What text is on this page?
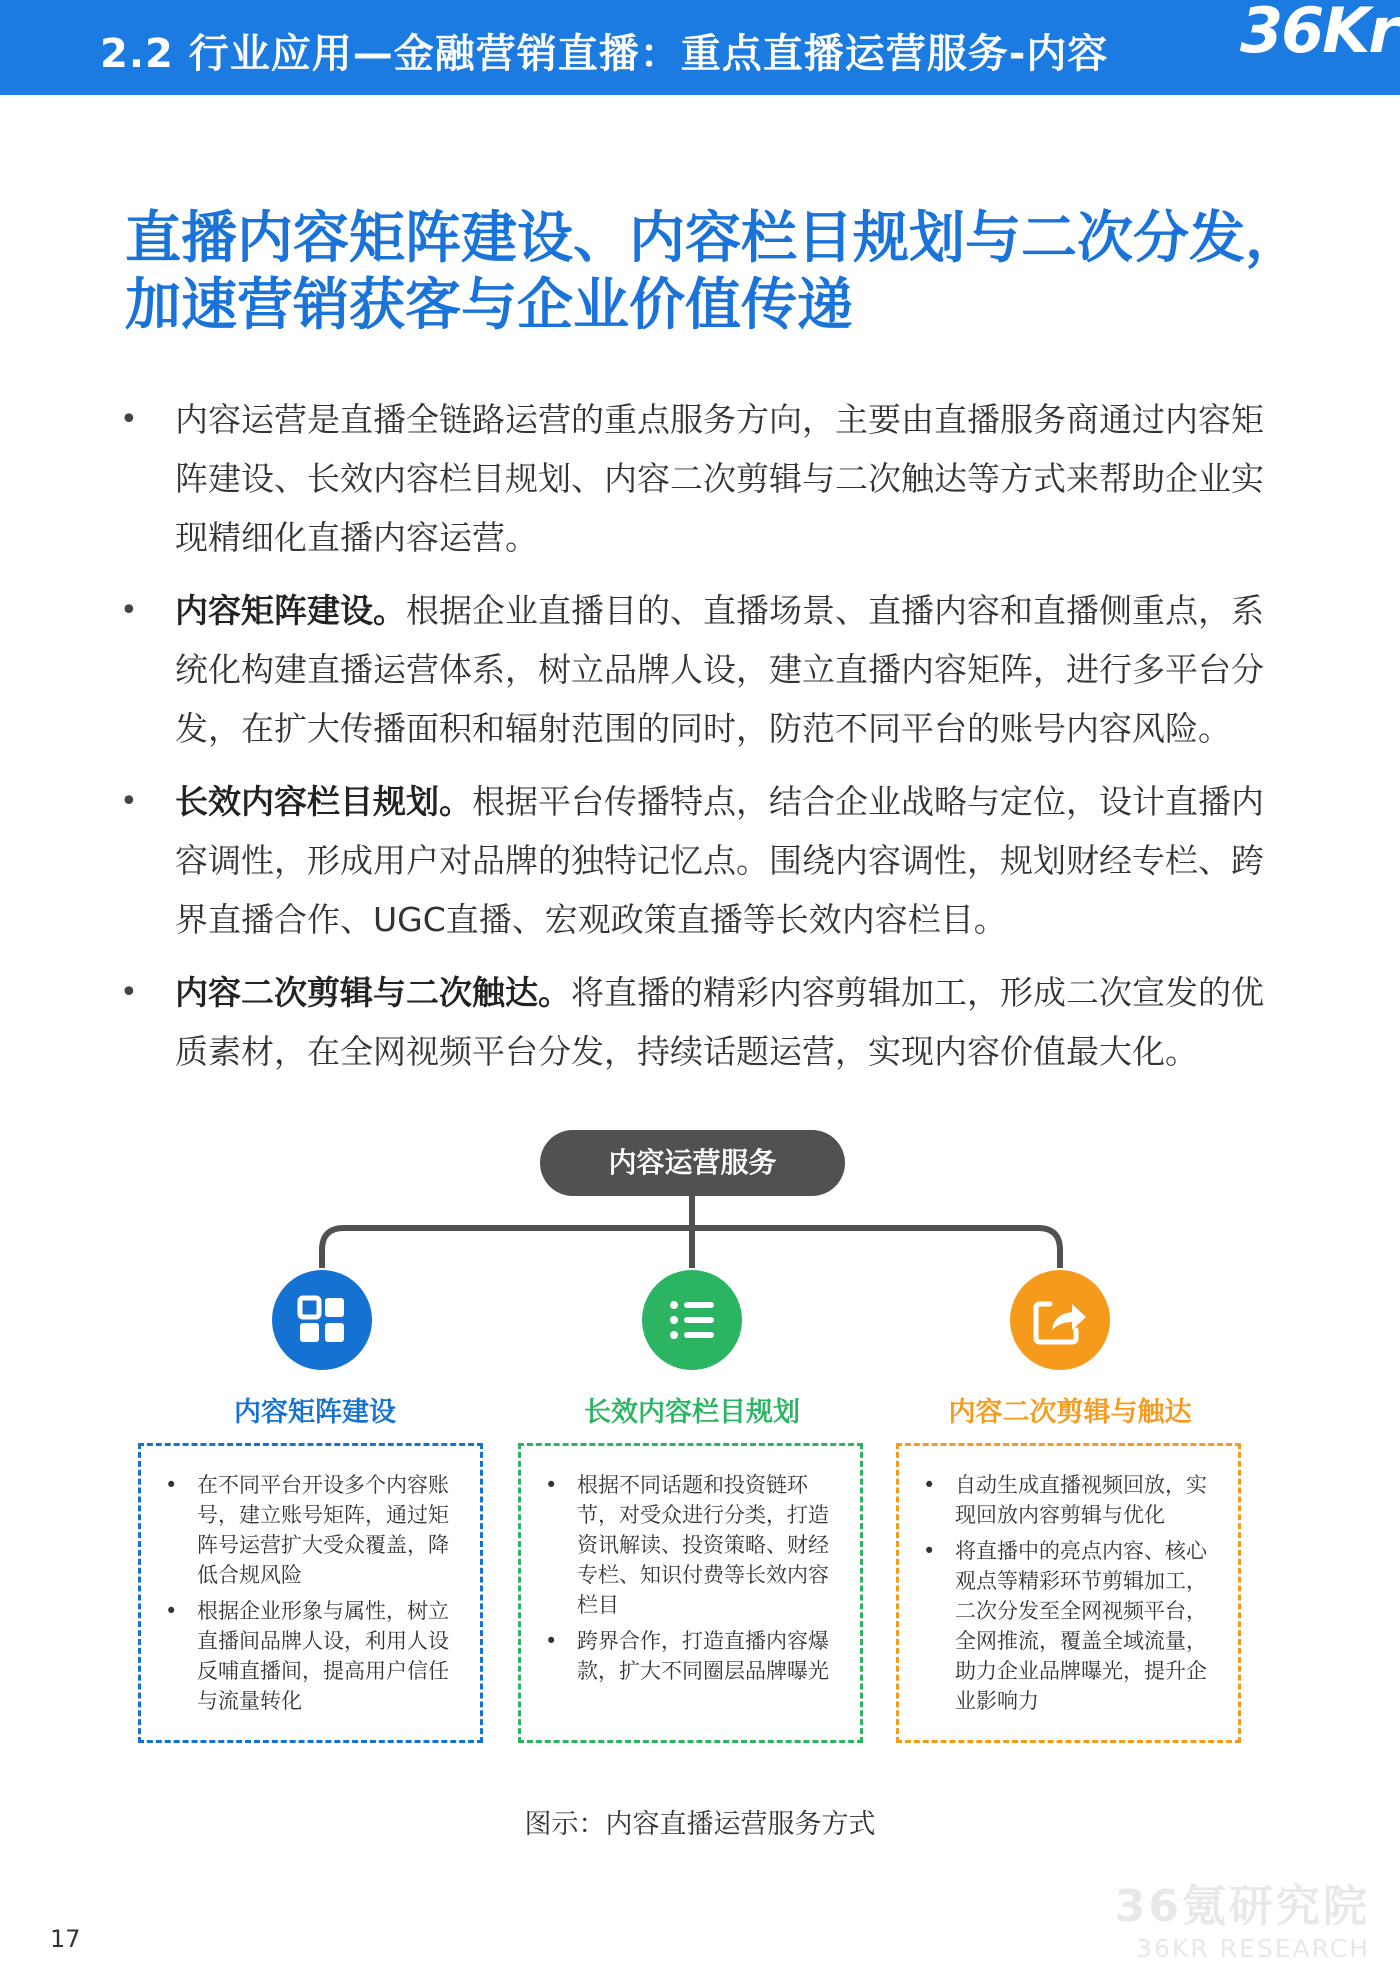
2.2 行业应用—金融营销直播：重点直播运营服务-内容 36Kr
直播内容矩阵建设、内容栏目规划与二次分发，
加速营销获客与企业价值传递
• 内容运营是直播全链路运营的重点服务方向，主要由直播服务商通过内容矩阵建设、长效内容栏目规划、内容二次剪辑与二次触达等方式来帮助企业实现精细化直播内容运营。
• 内容矩阵建设。根据企业直播目的、直播场景、直播内容和直播侧重点，系统化构建直播运营体系，树立品牌人设，建立直播内容矩阵，进行多平台分发，在扩大传播面积和辐射范围的同时，防范不同平台的账号内容风险。
• 长效内容栏目规划。根据平台传播特点，结合企业战略与定位，设计直播内容调性，形成用户对品牌的独特记忆点。围绕内容调性，规划财经专栏、跨界直播合作、UGC直播、宏观政策直播等长效内容栏目。
• 内容二次剪辑与二次触达。将直播的精彩内容剪辑加工，形成二次宣发的优质素材，在全网视频平台分发，持续话题运营，实现内容价值最大化。
内容运营服务
内容矩阵建设
• 在不同平台开设多个内容账号，建立账号矩阵，通过矩阵号运营扩大受众覆盖，降低合规风险
• 根据企业形象与属性，树立直播间品牌人设，利用人设反哺直播间，提高用户信任与流量转化
长效内容栏目规划
• 根据不同话题和投资链环节，对受众进行分类，打造资讯解读、投资策略、财经专栏、知识付费等长效内容栏目
• 跨界合作，打造直播内容爆款，扩大不同圈层品牌曝光
内容二次剪辑与触达
• 自动生成直播视频回放，实现回放内容剪辑与优化
• 将直播中的亮点内容、核心观点等精彩环节剪辑加工，二次分发至全网视频平台，全网推流，覆盖全域流量，助力企业品牌曝光，提升企业影响力
图示：内容直播运营服务方式
36氪研究院
36KR RESEARCH
17
